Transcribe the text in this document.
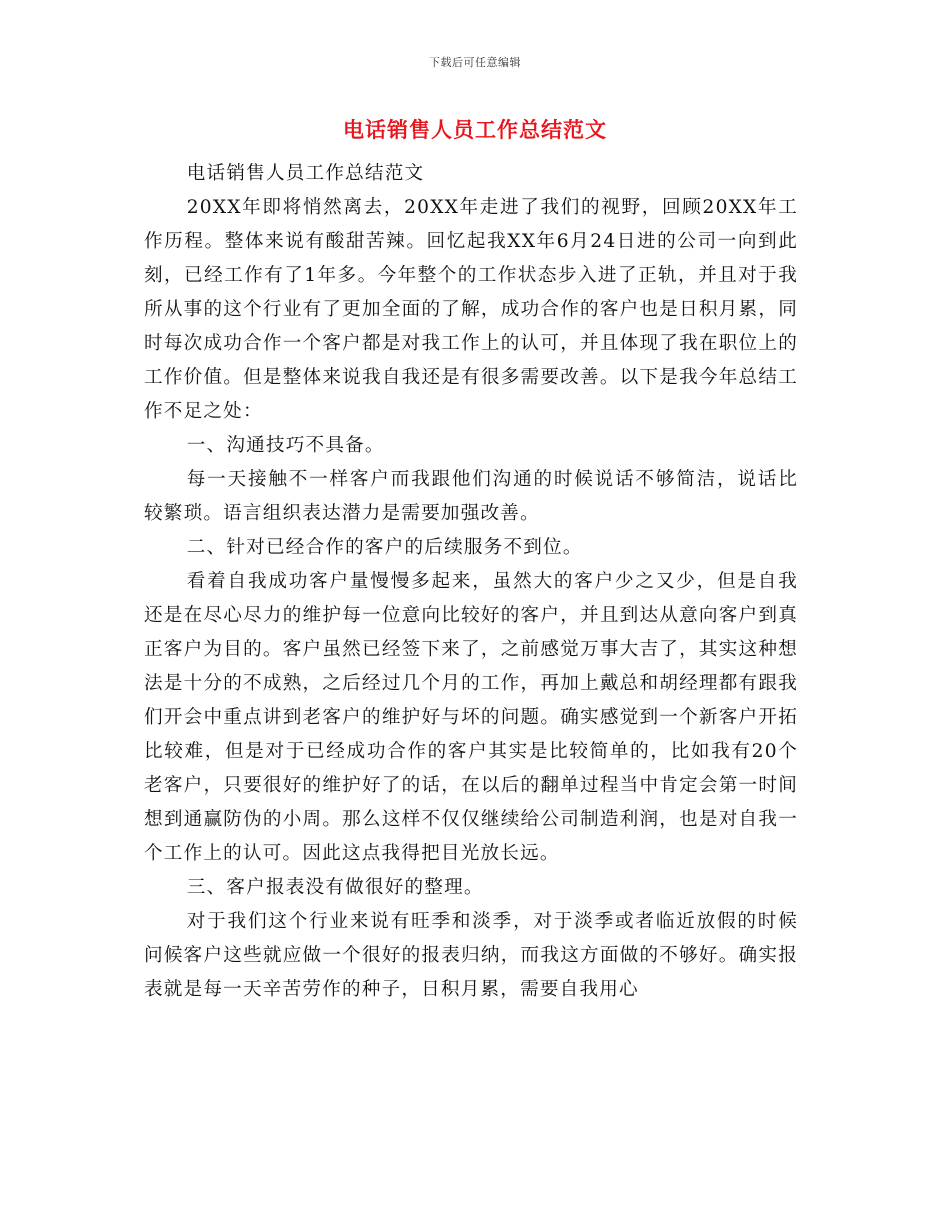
下载后可任意编辑
电话销售人员工作总结范文

电话销售人员工作总结范文

20XX年即将悄然离去，20XX年走进了我们的视野，回顾20XX年工作历程。整体来说有酸甜苦辣。回忆起我XX年6月24日进的公司一向到此刻，已经工作有了1年多。今年整个的工作状态步入进了正轨，并且对于我所从事的这个行业有了更加全面的了解，成功合作的客户也是日积月累，同时每次成功合作一个客户都是对我工作上的认可，并且体现了我在职位上的工作价值。但是整体来说我自我还是有很多需要改善。以下是我今年总结工作不足之处：

一、沟通技巧不具备。

每一天接触不一样客户而我跟他们沟通的时候说话不够简洁，说话比较繁琐。语言组织表达潜力是需要加强改善。

二、针对已经合作的客户的后续服务不到位。

看着自我成功客户量慢慢多起来，虽然大的客户少之又少，但是自我还是在尽心尽力的维护每一位意向比较好的客户，并且到达从意向客户到真正客户为目的。客户虽然已经签下来了，之前感觉万事大吉了，其实这种想法是十分的不成熟，之后经过几个月的工作，再加上戴总和胡经理都有跟我们开会中重点讲到老客户的维护好与坏的问题。确实感觉到一个新客户开拓比较难，但是对于已经成功合作的客户其实是比较简单的，比如我有20个老客户，只要很好的维护好了的话，在以后的翻单过程当中肯定会第一时间想到通赢防伪的小周。那么这样不仅仅继续给公司制造利润，也是对自我一个工作上的认可。因此这点我得把目光放长远。

三、客户报表没有做很好的整理。

对于我们这个行业来说有旺季和淡季，对于淡季或者临近放假的时候问候客户这些就应做一个很好的报表归纳，而我这方面做的不够好。确实报表就是每一天辛苦劳作的种子，日积月累，需要自我用心
